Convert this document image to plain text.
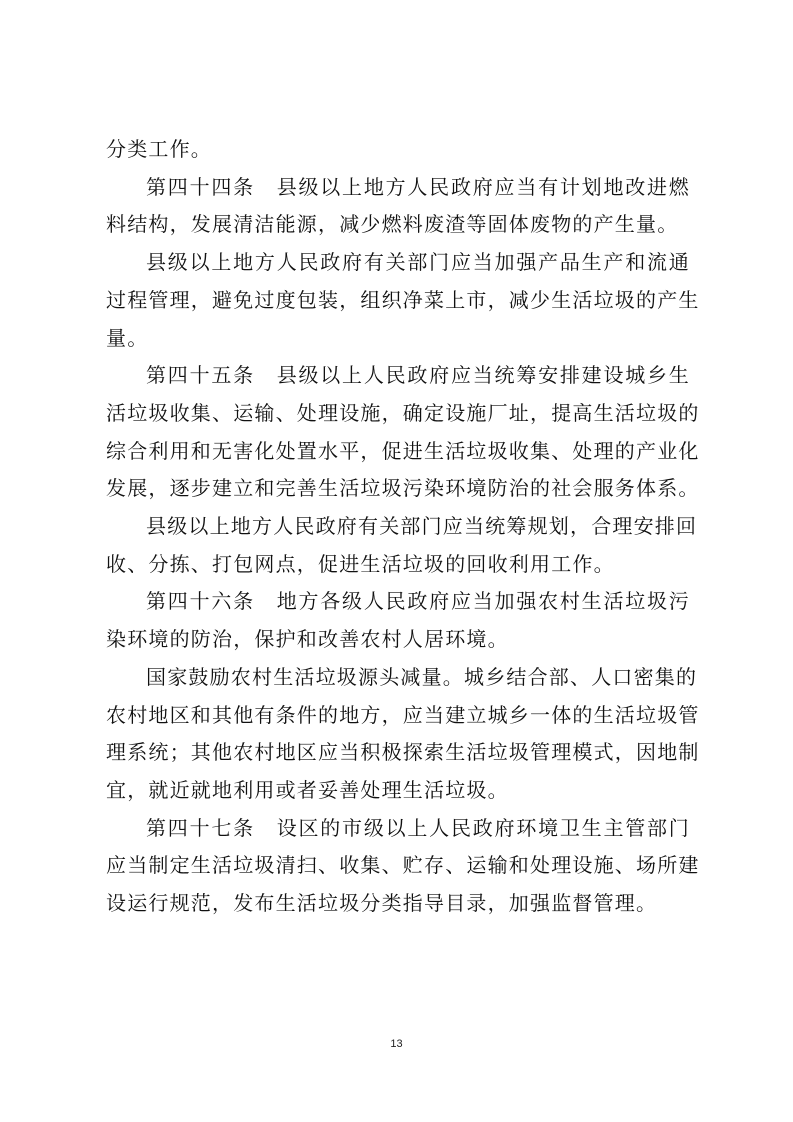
分类工作。
第四十四条　县级以上地方人民政府应当有计划地改进燃
料结构，发展清洁能源，减少燃料废渣等固体废物的产生量。
县级以上地方人民政府有关部门应当加强产品生产和流通
过程管理，避免过度包装，组织净菜上市，减少生活垃圾的产生
量。
第四十五条　县级以上人民政府应当统筹安排建设城乡生
活垃圾收集、运输、处理设施，确定设施厂址，提高生活垃圾的
综合利用和无害化处置水平，促进生活垃圾收集、处理的产业化
发展，逐步建立和完善生活垃圾污染环境防治的社会服务体系。
县级以上地方人民政府有关部门应当统筹规划，合理安排回
收、分拣、打包网点，促进生活垃圾的回收利用工作。
第四十六条　地方各级人民政府应当加强农村生活垃圾污
染环境的防治，保护和改善农村人居环境。
国家鼓励农村生活垃圾源头减量。城乡结合部、人口密集的
农村地区和其他有条件的地方，应当建立城乡一体的生活垃圾管
理系统；其他农村地区应当积极探索生活垃圾管理模式，因地制
宜，就近就地利用或者妥善处理生活垃圾。
第四十七条　设区的市级以上人民政府环境卫生主管部门
应当制定生活垃圾清扫、收集、贮存、运输和处理设施、场所建
设运行规范，发布生活垃圾分类指导目录，加强监督管理。
13
